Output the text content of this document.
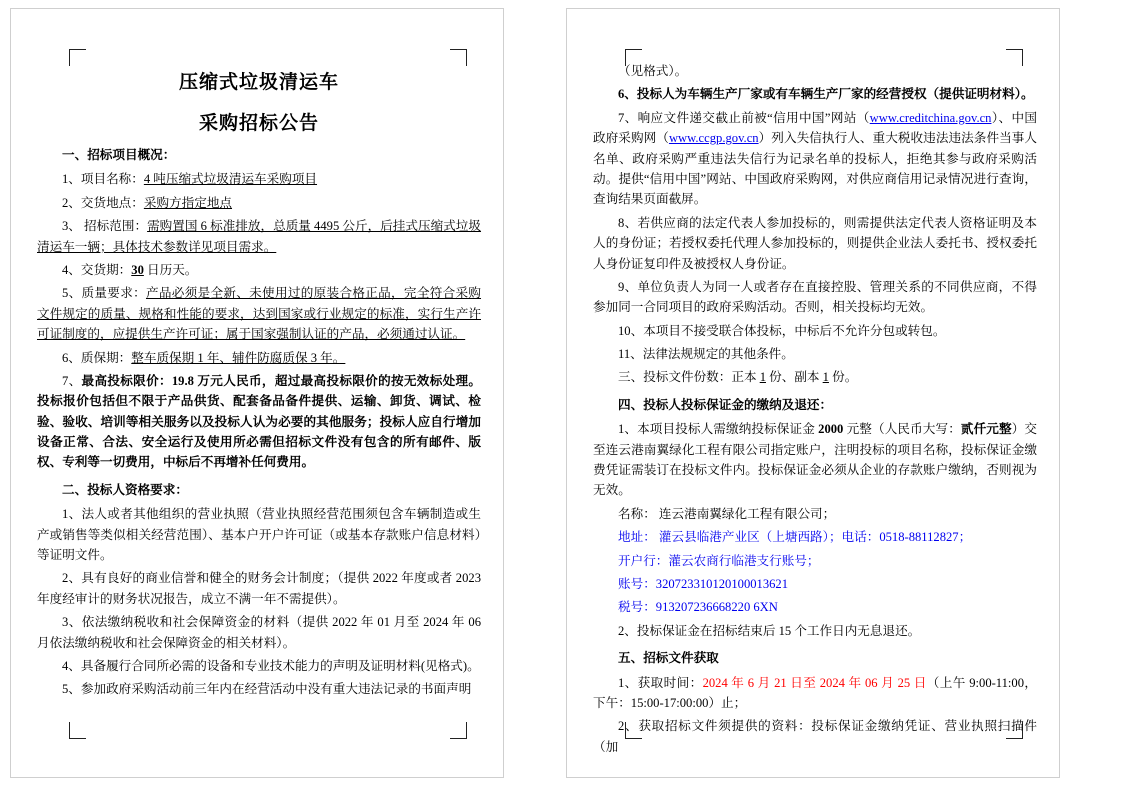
压缩式垃圾清运车
采购招标公告

一、招标项目概况：

1、项目名称：4 吨压缩式垃圾清运车采购项目

2、交货地点：采购方指定地点

3、 招标范围：需购置国 6 标准排放，总质量 4495 公斤，后挂式压缩式垃圾清运车一辆；具体技术参数详见项目需求。

4、交货期：30 日历天。

5、质量要求：产品必须是全新、未使用过的原装合格正品，完全符合采购文件规定的质量、规格和性能的要求，达到国家或行业规定的标准，实行生产许可证制度的，应提供生产许可证；属于国家强制认证的产品，必须通过认证。

6、质保期：整车质保期 1 年、辅件防腐质保 3 年。

7、最高投标限价：19.8 万元人民币，超过最高投标限价的按无效标处理。投标报价包括但不限于产品供货、配套备品备件提供、运输、卸货、调试、检验、验收、培训等相关服务以及投标人认为必要的其他服务；投标人应自行增加设备正常、合法、安全运行及使用所必需但招标文件没有包含的所有邮件、版权、专利等一切费用，中标后不再增补任何费用。

二、投标人资格要求：

1、法人或者其他组织的营业执照（营业执照经营范围须包含车辆制造或生产或销售等类似相关经营范围）、基本户开户许可证（或基本存款账户信息材料）等证明文件。

2、具有良好的商业信誉和健全的财务会计制度；（提供 2022 年度或者 2023 年度经审计的财务状况报告，成立不满一年不需提供）。

3、依法缴纳税收和社会保障资金的材料（提供 2022 年 01 月至 2024 年 06 月依法缴纳税收和社会保障资金的相关材料）。

4、具备履行合同所必需的设备和专业技术能力的声明及证明材料(见格式)。

5、参加政府采购活动前三年内在经营活动中没有重大违法记录的书面声明

（见格式）。

6、投标人为车辆生产厂家或有车辆生产厂家的经营授权（提供证明材料）。

7、响应文件递交截止前被“信用中国”网站（www.creditchina.gov.cn）、中国政府采购网（www.ccgp.gov.cn）列入失信执行人、重大税收违法违法条件当事人名单、政府采购严重违法失信行为记录名单的投标人，拒绝其参与政府采购活动。提供“信用中国”网站、中国政府采购网，对供应商信用记录情况进行查询，查询结果页面截屏。

8、若供应商的法定代表人参加投标的，则需提供法定代表人资格证明及本人的身份证；若授权委托代理人参加投标的，则提供企业法人委托书、授权委托人身份证复印件及被授权人身份证。

9、单位负责人为同一人或者存在直接控股、管理关系的不同供应商，不得参加同一合同项目的政府采购活动。否则，相关投标均无效。

10、本项目不接受联合体投标，中标后不允许分包或转包。

11、法律法规规定的其他条件。

三、投标文件份数：正本 1 份、副本 1 份。

四、投标人投标保证金的缴纳及退还：

1、本项目投标人需缴纳投标保证金 2000 元整（人民币大写：贰仟元整）交至连云港南翼绿化工程有限公司指定账户，注明投标的项目名称，投标保证金缴费凭证需装订在投标文件内。投标保证金必须从企业的存款账户缴纳，否则视为无效。

名称： 连云港南翼绿化工程有限公司；

地址： 灌云县临港产业区（上塘西路）；电话：0518-88112827；

开户行：灌云农商行临港支行账号；

账号：320723310120100013621

税号：913207236668220 6XN

2、投标保证金在招标结束后 15 个工作日内无息退还。

五、招标文件获取

1、获取时间：2024 年 6 月 21 日至 2024 年 06 月 25 日（上午 9:00-11:00，下午：15:00-17:00:00）止；

2、获取招标文件须提供的资料：投标保证金缴纳凭证、营业执照扫描件（加
